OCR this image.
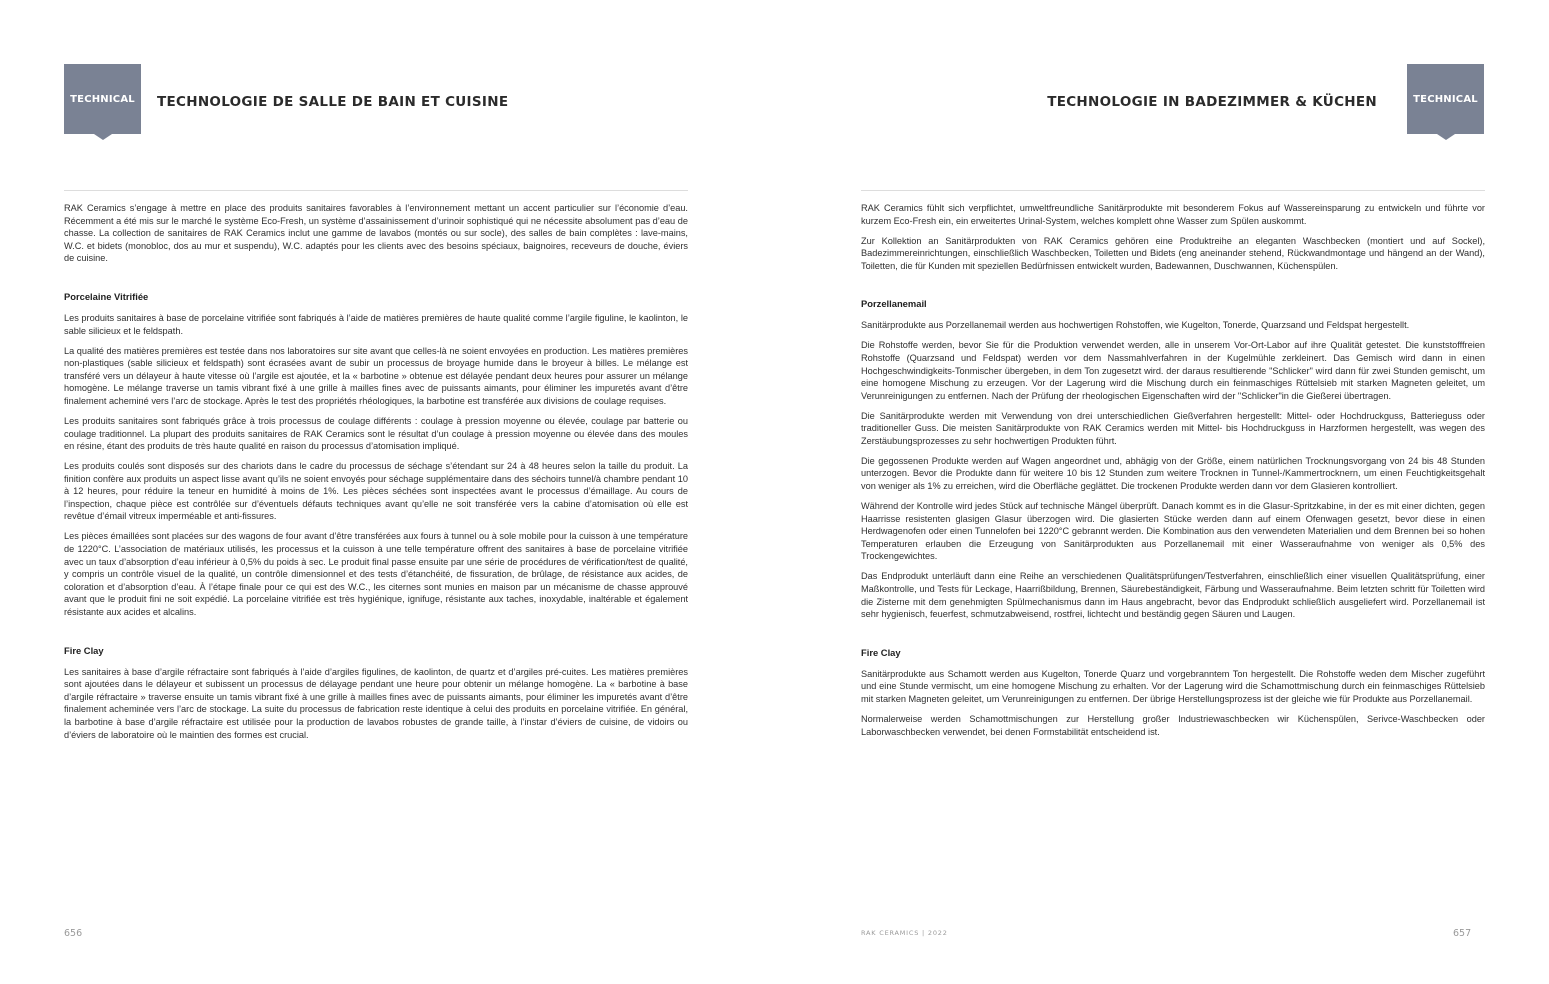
TECHNICAL	TECHNOLOGIE DE SALLE DE BAIN ET CUISINE

RAK Ceramics s’engage à mettre en place des produits sanitaires favorables à l’environnement mettant un accent particulier sur l’économie d’eau. Récemment a été mis sur le marché le système Eco-Fresh, un système d’assainissement d’urinoir sophistiqué qui ne nécessite absolument pas d’eau de chasse. La collection de sanitaires de RAK Ceramics inclut une gamme de lavabos (montés ou sur socle), des salles de bain complètes : lave-mains, W.C. et bidets (monobloc, dos au mur et suspendu), W.C. adaptés pour les clients avec des besoins spéciaux, baignoires, receveurs de douche, éviers de cuisine.

Porcelaine Vitrifiée

Les produits sanitaires à base de porcelaine vitrifiée sont fabriqués à l’aide de matières premières de haute qualité comme l’argile figuline, le kaolinton, le sable silicieux et le feldspath.

La qualité des matières premières est testée dans nos laboratoires sur site avant que celles-là ne soient envoyées en production. Les matières premières non-plastiques (sable silicieux et feldspath) sont écrasées avant de subir un processus de broyage humide dans le broyeur à billes. Le mélange est transféré vers un délayeur à haute vitesse où l’argile est ajoutée, et la « barbotine » obtenue est délayée pendant deux heures pour assurer un mélange homogène. Le mélange traverse un tamis vibrant fixé à une grille à mailles fines avec de puissants aimants, pour éliminer les impuretés avant d’être finalement acheminé vers l’arc de stockage. Après le test des propriétés rhéologiques, la barbotine est transférée aux divisions de coulage requises.

Les produits sanitaires sont fabriqués grâce à trois processus de coulage différents : coulage à pression moyenne ou élevée, coulage par batterie ou coulage traditionnel. La plupart des produits sanitaires de RAK Ceramics sont le résultat d’un coulage à pression moyenne ou élevée dans des moules en résine, étant des produits de très haute qualité en raison du processus d’atomisation impliqué.

Les produits coulés sont disposés sur des chariots dans le cadre du processus de séchage s’étendant sur 24 à 48 heures selon la taille du produit. La finition confère aux produits un aspect lisse avant qu’ils ne soient envoyés pour séchage supplémentaire dans des séchoirs tunnel/à chambre pendant 10 à 12 heures, pour réduire la teneur en humidité à moins de 1%. Les pièces séchées sont inspectées avant le processus d’émaillage. Au cours de l’inspection, chaque pièce est contrôlée sur d’éventuels défauts techniques avant qu’elle ne soit transférée vers la cabine d’atomisation où elle est revêtue d’émail vitreux imperméable et anti-fissures.

Les pièces émaillées sont placées sur des wagons de four avant d’être transférées aux fours à tunnel ou à sole mobile pour la cuisson à une température de 1220°C. L’association de matériaux utilisés, les processus et la cuisson à une telle température offrent des sanitaires à base de porcelaine vitrifiée avec un taux d’absorption d’eau inférieur à 0,5% du poids à sec. Le produit final passe ensuite par une série de procédures de vérification/test de qualité, y compris un contrôle visuel de la qualité, un contrôle dimensionnel et des tests d’étanchéité, de fissuration, de brûlage, de résistance aux acides, de coloration et d’absorption d’eau. À l’étape finale pour ce qui est des W.C., les citernes sont munies en maison par un mécanisme de chasse approuvé avant que le produit fini ne soit expédié. La porcelaine vitrifiée est très hygiénique, ignifuge, résistante aux taches, inoxydable, inaltérable et également résistante aux acides et alcalins.

Fire Clay

Les sanitaires à base d’argile réfractaire sont fabriqués à l’aide d’argiles figulines, de kaolinton, de quartz et d’argiles pré-cuites. Les matières premières sont ajoutées dans le délayeur et subissent un processus de délayage pendant une heure pour obtenir un mélange homogène. La « barbotine à base d’argile réfractaire » traverse ensuite un tamis vibrant fixé à une grille à mailles fines avec de puissants aimants, pour éliminer les impuretés avant d’être finalement acheminée vers l’arc de stockage. La suite du processus de fabrication reste identique à celui des produits en porcelaine vitrifiée. En général, la barbotine à base d’argile réfractaire est utilisée pour la production de lavabos robustes de grande taille, à l’instar d’éviers de cuisine, de vidoirs ou d’éviers de laboratoire où le maintien des formes est crucial.

656
TECHNOLOGIE IN BADEZIMMER & KÜCHEN	TECHNICAL

RAK Ceramics fühlt sich verpflichtet, umweltfreundliche Sanitärprodukte mit besonderem Fokus auf Wassereinsparung zu entwickeln und führte vor kurzem Eco-Fresh ein, ein erweitertes Urinal-System, welches komplett ohne Wasser zum Spülen auskommt.

Zur Kollektion an Sanitärprodukten von RAK Ceramics gehören eine Produktreihe an eleganten Waschbecken (montiert und auf Sockel), Badezimmereinrichtungen, einschließlich Waschbecken, Toiletten und Bidets (eng aneinander stehend, Rückwandmontage und hängend an der Wand), Toiletten, die für Kunden mit speziellen Bedürfnissen entwickelt wurden, Badewannen, Duschwannen, Küchenspülen.

Porzellanemail

Sanitärprodukte aus Porzellanemail werden aus hochwertigen Rohstoffen, wie Kugelton, Tonerde, Quarzsand und Feldspat hergestellt.

Die Rohstoffe werden, bevor Sie für die Produktion verwendet werden, alle in unserem Vor-Ort-Labor auf ihre Qualität getestet. Die kunststofffreien Rohstoffe (Quarzsand und Feldspat) werden vor dem Nassmahlverfahren in der Kugelmühle zerkleinert. Das Gemisch wird dann in einen Hochgeschwindigkeits-Tonmischer übergeben, in dem Ton zugesetzt wird. der daraus resultierende "Schlicker" wird dann für zwei Stunden gemischt, um eine homogene Mischung zu erzeugen. Vor der Lagerung wird die Mischung durch ein feinmaschiges Rüttelsieb mit starken Magneten geleitet, um Verunreinigungen zu entfernen. Nach der Prüfung der rheologischen Eigenschaften wird der "Schlicker"in die Gießerei übertragen.

Die Sanitärprodukte werden mit Verwendung von drei unterschiedlichen Gießverfahren hergestellt: Mittel- oder Hochdruckguss, Batterieguss oder traditioneller Guss. Die meisten Sanitärprodukte von RAK Ceramics werden mit Mittel- bis Hochdruckguss in Harzformen hergestellt, was wegen des Zerstäubungsprozesses zu sehr hochwertigen Produkten führt.

Die gegossenen Produkte werden auf Wagen angeordnet und, abhägig von der Größe, einem natürlichen Trocknungsvorgang von 24 bis 48 Stunden unterzogen. Bevor die Produkte dann für weitere 10 bis 12 Stunden zum weitere Trocknen in Tunnel-/Kammertrocknern, um einen Feuchtigkeitsgehalt von weniger als 1% zu erreichen, wird die Oberfläche geglättet. Die trockenen Produkte werden dann vor dem Glasieren kontrolliert.

Während der Kontrolle wird jedes Stück auf technische Mängel überprüft. Danach kommt es in die Glasur-Spritzkabine, in der es mit einer dichten, gegen Haarrisse resistenten glasigen Glasur überzogen wird. Die glasierten Stücke werden dann auf einem Ofenwagen gesetzt, bevor diese in einen Herdwagenofen oder einen Tunnelofen bei 1220°C gebrannt werden. Die Kombination aus den verwendeten Materialien und dem Brennen bei so hohen Temperaturen erlauben die Erzeugung von Sanitärprodukten aus Porzellanemail mit einer Wasseraufnahme von weniger als 0,5% des Trockengewichtes.

Das Endprodukt unterläuft dann eine Reihe an verschiedenen Qualitätsprüfungen/Testverfahren, einschließlich einer visuellen Qualitätsprüfung, einer Maßkontrolle, und Tests für Leckage, Haarrißbildung, Brennen, Säurebeständigkeit, Färbung und Wasseraufnahme. Beim letzten schritt für Toiletten wird die Zisterne mit dem genehmigten Spülmechanismus dann im Haus angebracht, bevor das Endprodukt schließlich ausgeliefert wird. Porzellanemail ist sehr hygienisch, feuerfest, schmutzabweisend, rostfrei, lichtecht und beständig gegen Säuren und Laugen.

Fire Clay

Sanitärprodukte aus Schamott werden aus Kugelton, Tonerde Quarz und vorgebranntem Ton hergestellt. Die Rohstoffe weden dem Mischer zugeführt und eine Stunde vermischt, um eine homogene Mischung zu erhalten. Vor der Lagerung wird die Schamottmischung durch ein feinmaschiges Rüttelsieb mit starken Magneten geleitet, um Verunreinigungen zu entfernen. Der übrige Herstellungsprozess ist der gleiche wie für Produkte aus Porzellanemail.

Normalerweise werden Schamottmischungen zur Herstellung großer Industriewaschbecken wir Küchenspülen, Serivce-Waschbecken oder Laborwaschbecken verwendet, bei denen Formstabilität entscheidend ist.

RAK CERAMICS | 2022	657
